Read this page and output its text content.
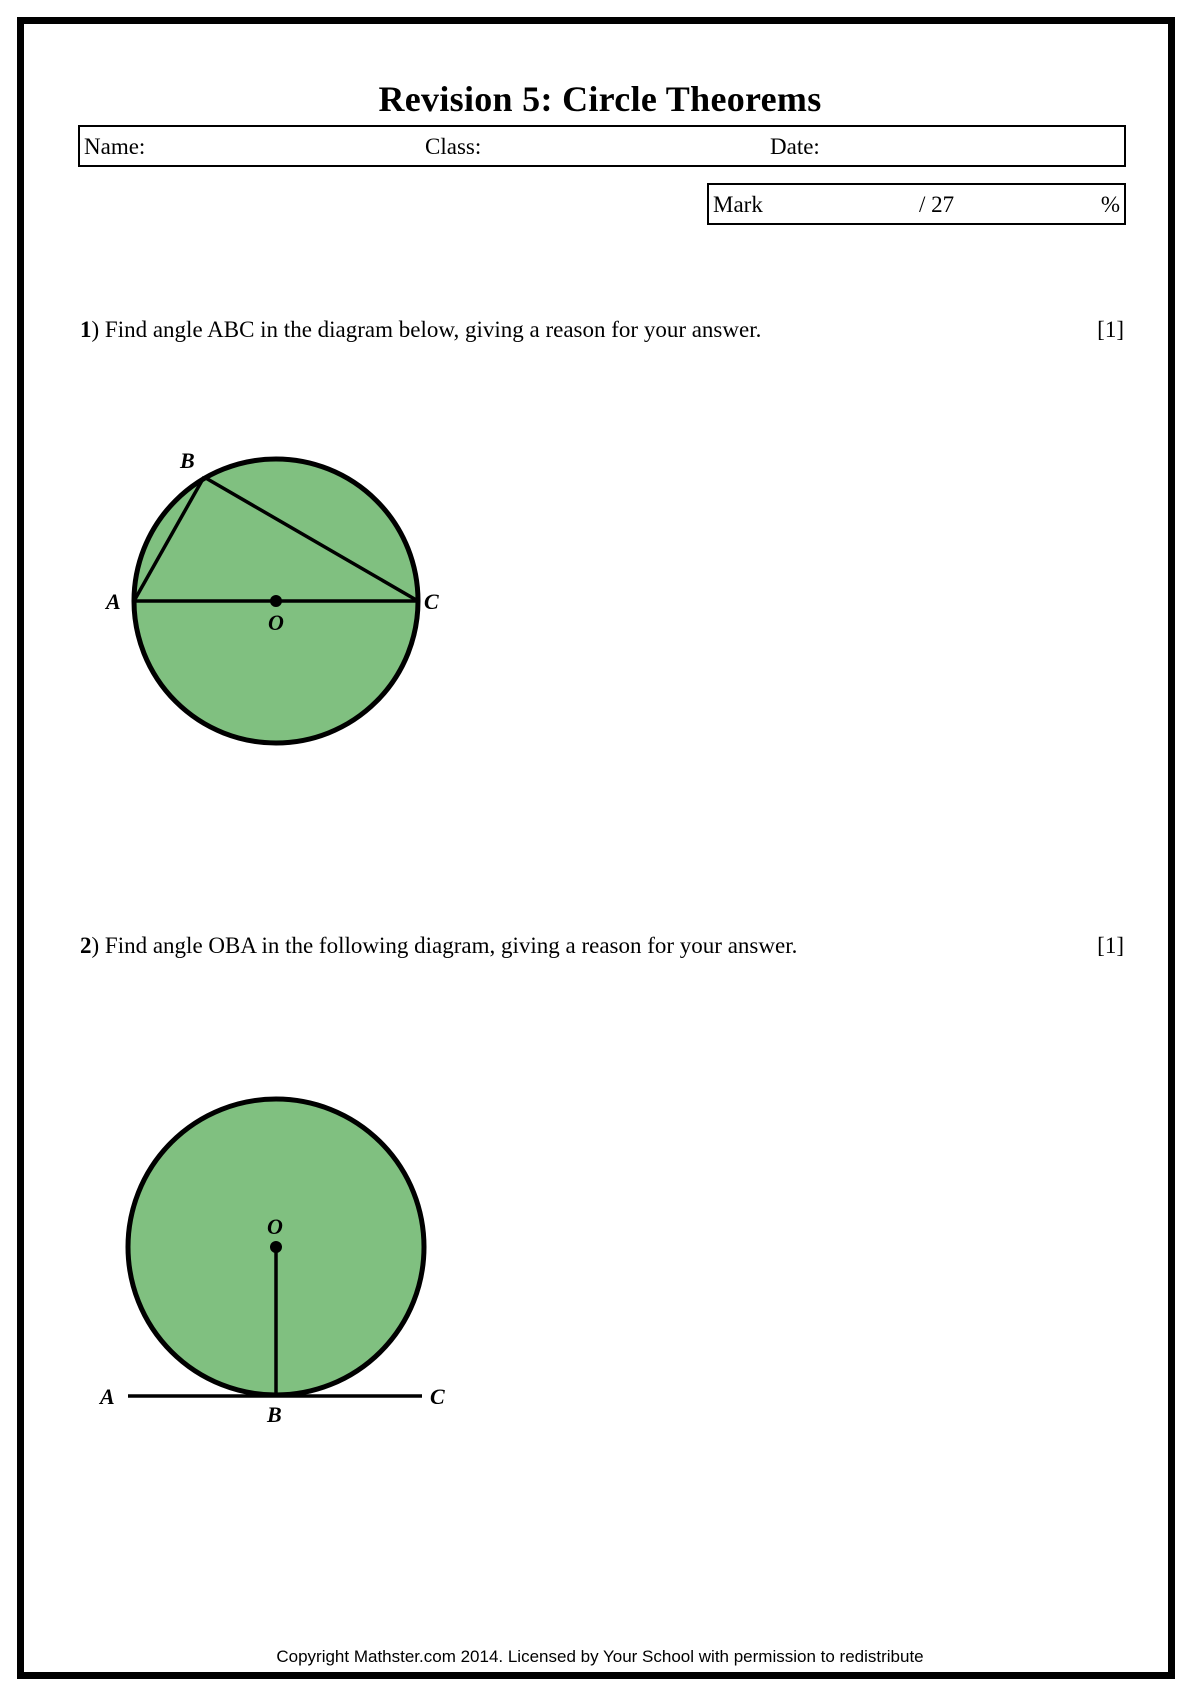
Revision 5: Circle Theorems
Name:	Class:	Date:
Mark	/ 27	%
1) Find angle ABC in the diagram below, giving a reason for your answer.	[1]
B
A	C
O
O
A	C
B
2) Find angle OBA in the following diagram, giving a reason for your answer.	[1]
Copyright Mathster.com 2014. Licensed by Your School with permission to redistribute
